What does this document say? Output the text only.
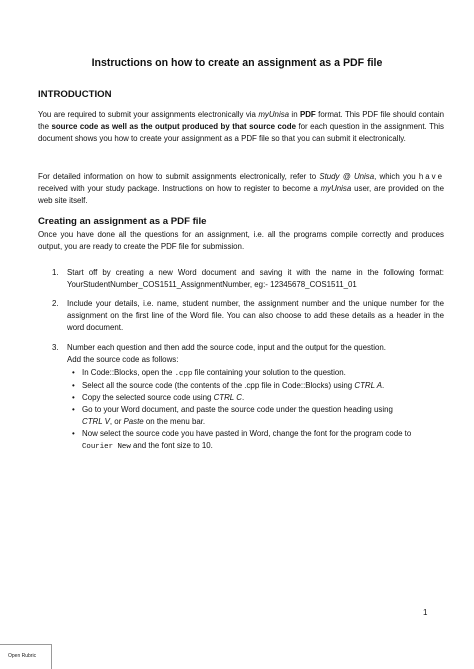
Instructions on how to create an assignment as a PDF file
INTRODUCTION

You are required to submit your assignments electronically via myUnisa in PDF format. This PDF file should contain the source code as well as the output produced by that source code for each question in the assignment. This document shows you how to create your assignment as a PDF file so that you can submit it electronically.

For detailed information on how to submit assignments electronically, refer to Study @ Unisa, which you have received with your study package. Instructions on how to register to become a myUnisa user, are provided on the web site itself.

Creating an assignment as a PDF file

Once you have done all the questions for an assignment, i.e. all the programs compile correctly and produces output, you are ready to create the PDF file for submission.

1. Start off by creating a new Word document and saving it with the name in the following format: YourStudentNumber_COS1511_AssignmentNumber, eg:- 12345678_COS1511_01
2. Include your details, i.e. name, student number, the assignment number and the unique number for the assignment on the first line of the Word file. You can also choose to add these details as a header in the word document.
3. Number each question and then add the source code, input and the output for the question.
Add the source code as follows:
• In Code::Blocks, open the .cpp file containing your solution to the question.
• Select all the source code (the contents of the .cpp file in Code::Blocks) using CTRL A.
• Copy the selected source code using CTRL C.
• Go to your Word document, and paste the source code under the question heading using CTRL V, or Paste on the menu bar.
• Now select the source code you have pasted in Word, change the font for the program code to Courier New and the font size to 10.

1

Open Rubric
